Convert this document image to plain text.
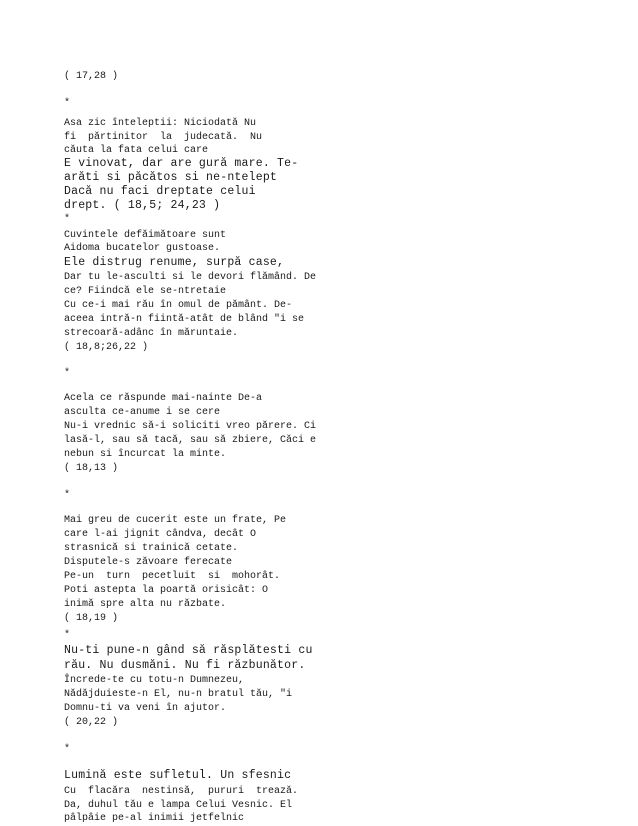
( 17,28 )
*
Asa zic înteleptii: Niciodată Nu
fi  părtinitor  la  judecată.  Nu
căuta la fata celui care
E vinovat, dar are gură mare. Te-
arăti si păcătos si ne-ntelept
Dacă nu faci dreptate celui
drept. ( 18,5; 24,23 )
*
Cuvintele defăimătoare sunt
Aidoma bucatelor gustoase.
Ele distrug renume, surpă case,
Dar tu le-asculti si le devori flămând. De
ce? Fiindcă ele se-ntretaie
Cu ce-i mai rău în omul de pământ. De-
aceea intră-n fiintă-atât de blând "i se
strecoară-adânc în măruntaie.
( 18,8;26,22 )
*
Acela ce răspunde mai-nainte De-a
asculta ce-anume i se cere
Nu-i vrednic să-i soliciti vreo părere. Ci
lasă-l, sau să tacă, sau să zbiere, Căci e
nebun si încurcat la minte.
( 18,13 )
*
Mai greu de cucerit este un frate, Pe
care l-ai jignit cândva, decât O
strasnică si trainică cetate.
Disputele-s zăvoare ferecate
Pe-un  turn  pecetluit  si  mohorât.
Poti astepta la poartă orisicât: O
inimă spre alta nu răzbate.
( 18,19 )
*
Nu-ti pune-n gând să răsplătesti cu
rău. Nu dusmăni. Nu fi răzbunător.
Încrede-te cu totu-n Dumnezeu,
Nădăjduieste-n El, nu-n bratul tău, "i
Domnu-ti va veni în ajutor.
( 20,22 )
*
Lumină este sufletul. Un sfesnic
Cu  flacăra  nestinsă,  pururi  trează.
Da, duhul tău e lampa Celui Vesnic. El
pâlpâie pe-al inimii jetfelnic
